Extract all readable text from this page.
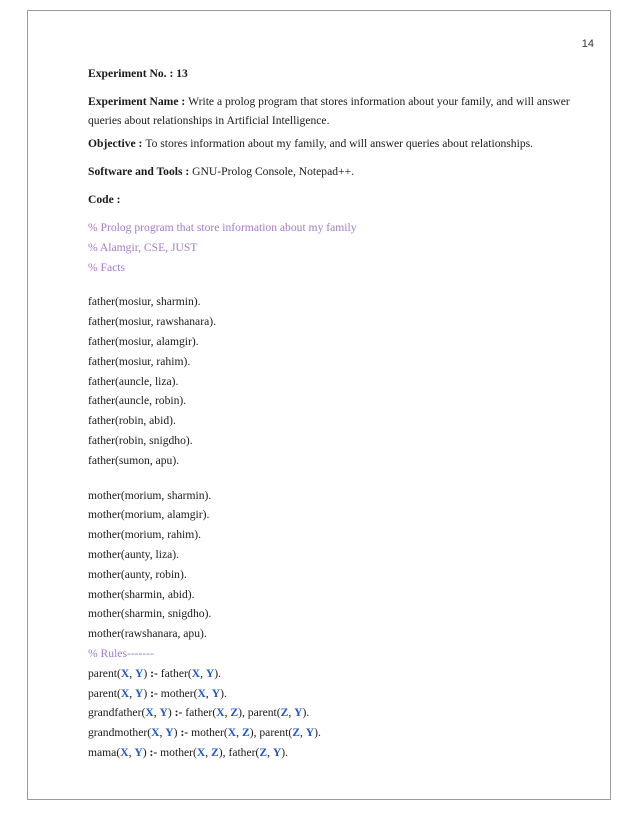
14

Experiment No. : 13

Experiment Name : Write a prolog program that stores information about your family, and will answer queries about relationships in Artificial Intelligence.

Objective : To stores information about my family, and will answer queries about relationships.

Software and Tools : GNU-Prolog Console, Notepad++.

Code :

% Prolog program that store information about my family
% Alamgir, CSE, JUST
% Facts
father(mosiur, sharmin).
father(mosiur, rawshanara).
father(mosiur, alamgir).
father(mosiur, rahim).
father(auncle, liza).
father(auncle, robin).
father(robin, abid).
father(robin, snigdho).
father(sumon, apu).
mother(morium, sharmin).
mother(morium, alamgir).
mother(morium, rahim).
mother(aunty, liza).
mother(aunty, robin).
mother(sharmin, abid).
mother(sharmin, snigdho).
mother(rawshanara, apu).
% Rules-------
parent(X, Y) :- father(X, Y).
parent(X, Y) :- mother(X, Y).
grandfather(X, Y) :- father(X, Z), parent(Z, Y).
grandmother(X, Y) :- mother(X, Z), parent(Z, Y).
mama(X, Y) :- mother(X, Z), father(Z, Y).
